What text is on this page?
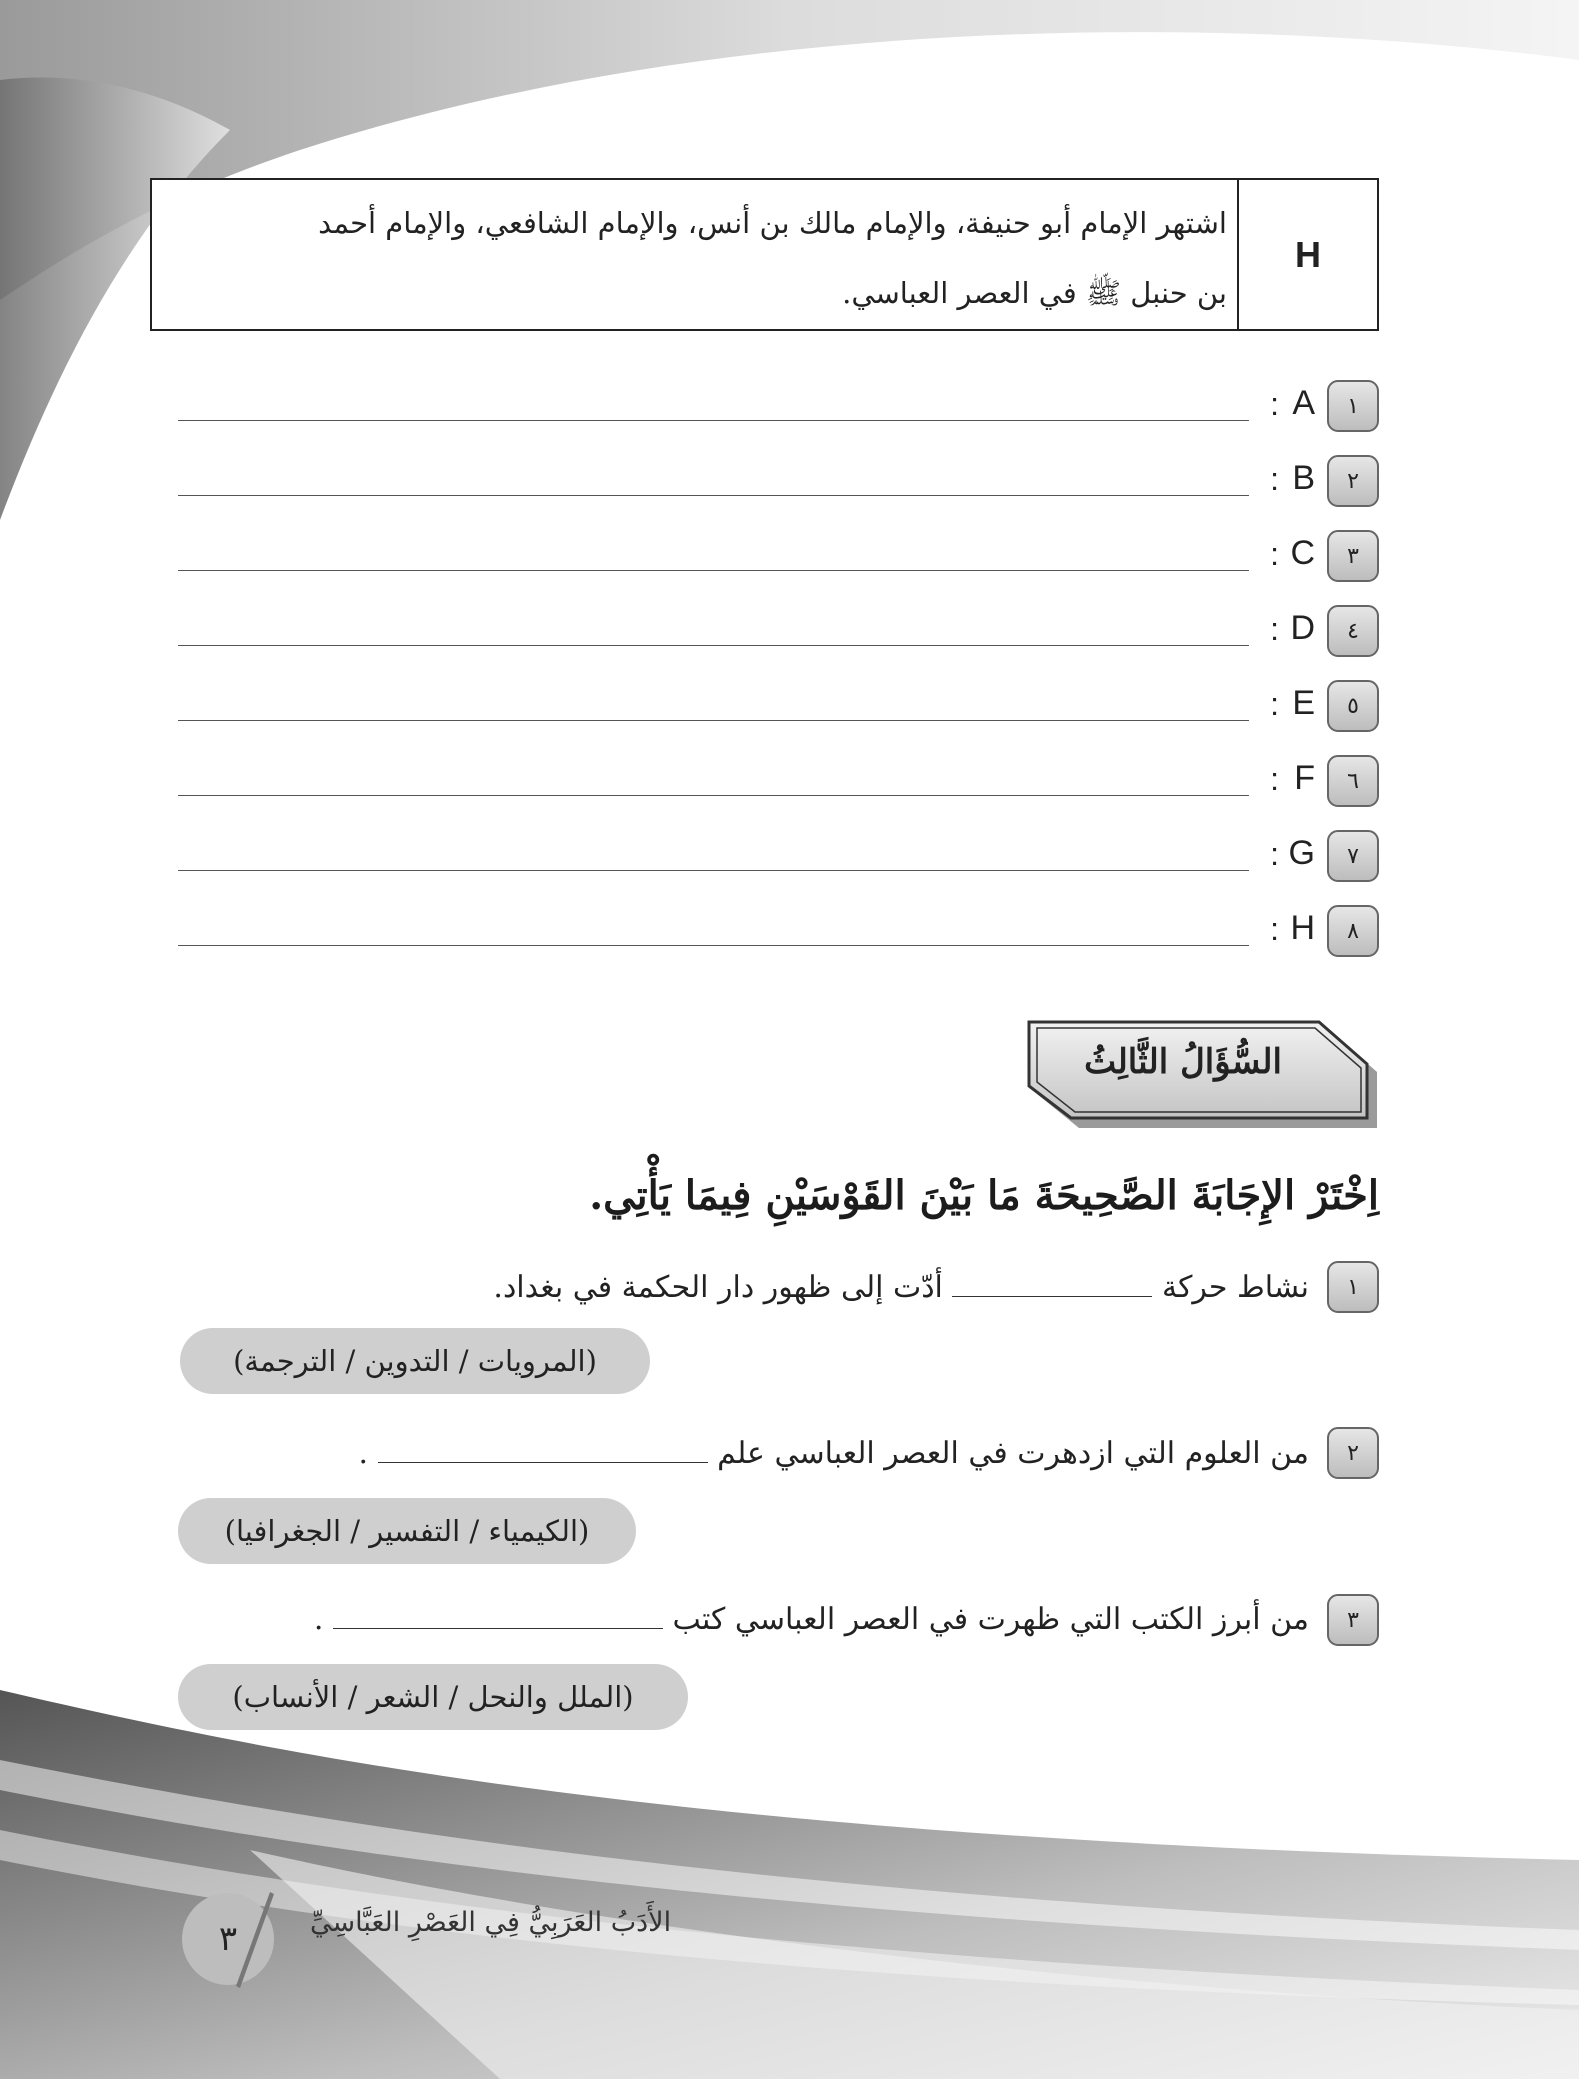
H
اشتهر الإمام أبو حنيفة، والإمام مالك بن أنس، والإمام الشافعي، والإمام أحمد
بن حنبل ﷺ في العصر العباسي.
١
A
:
٢
B
:
٣
C
:
٤
D
:
٥
E
:
٦
F
:
٧
G
:
٨
H
:
السُّؤَالُ الثَّالِثُ
اِخْتَرْ الإِجَابَةَ الصَّحِيحَةَ مَا بَيْنَ القَوْسَيْنِ فِيمَا يَأْتِي.
١
نشاط حركة  أدّت إلى ظهور دار الحكمة في بغداد.
(المرويات / التدوين / الترجمة)
٢
من العلوم التي ازدهرت في العصر العباسي علم  .
(الكيمياء / التفسير / الجغرافيا)
٣
من أبرز الكتب التي ظهرت في العصر العباسي كتب  .
(الملل والنحل / الشعر / الأنساب)
٣	الأَدَبُ العَرَبِيُّ فِي العَصْرِ العَبَّاسِيِّ
